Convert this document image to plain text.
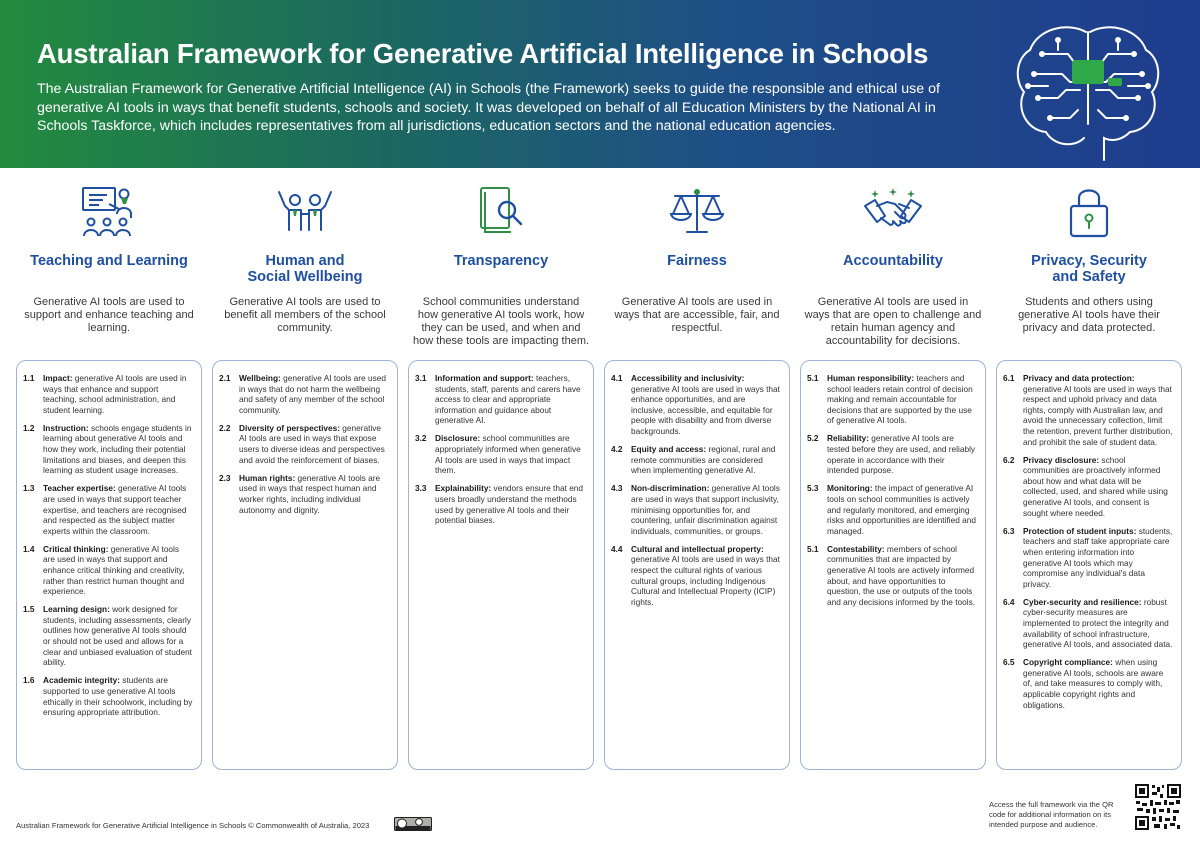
Australian Framework for Generative Artificial Intelligence in Schools

The Australian Framework for Generative Artificial Intelligence (AI) in Schools (the Framework) seeks to guide the responsible and ethical use of generative AI tools in ways that benefit students, schools and society. It was developed on behalf of all Education Ministers by the National AI in Schools Taskforce, which includes representatives from all jurisdictions, education sectors and the national education agencies.

Teaching and Learning
Generative AI tools are used to support and enhance teaching and learning.
Human and
Social Wellbeing
Generative AI tools are used to benefit all members of the school community.
Transparency
School communities understand how generative AI tools work, how they can be used, and when and how these tools are impacting them.
Fairness
Generative AI tools are used in ways that are accessible, fair, and respectful.
Accountability
Generative AI tools are used in ways that are open to challenge and retain human agency and accountability for decisions.
Privacy, Security
and Safety
Students and others using generative AI tools have their privacy and data protected.
1.1	Impact: generative AI tools are used in ways that enhance and support teaching, school administration, and student learning.
1.2	Instruction: schools engage students in learning about generative AI tools and how they work, including their potential limitations and biases, and deepen this learning as student usage increases.
1.3	Teacher expertise: generative AI tools are used in ways that support teacher expertise, and teachers are recognised and respected as the subject matter experts within the classroom.
1.4	Critical thinking: generative AI tools are used in ways that support and enhance critical thinking and creativity, rather than restrict human thought and experience.
1.5	Learning design: work designed for students, including assessments, clearly outlines how generative AI tools should or should not be used and allows for a clear and unbiased evaluation of student ability.
1.6	Academic integrity: students are supported to use generative AI tools ethically in their schoolwork, including by ensuring appropriate attribution.
2.1	Wellbeing: generative AI tools are used in ways that do not harm the wellbeing and safety of any member of the school community.
2.2	Diversity of perspectives: generative AI tools are used in ways that expose users to diverse ideas and perspectives and avoid the reinforcement of biases.
2.3	Human rights: generative AI tools are used in ways that respect human and worker rights, including individual autonomy and dignity.
3.1	Information and support: teachers, students, staff, parents and carers have access to clear and appropriate information and guidance about generative AI.
3.2	Disclosure: school communities are appropriately informed when generative AI tools are used in ways that impact them.
3.3	Explainability: vendors ensure that end users broadly understand the methods used by generative AI tools and their potential biases.
4.1	Accessibility and inclusivity: generative AI tools are used in ways that enhance opportunities, and are inclusive, accessible, and equitable for people with disability and from diverse backgrounds.
4.2	Equity and access: regional, rural and remote communities are considered when implementing generative AI.
4.3	Non-discrimination: generative AI tools are used in ways that support inclusivity, minimising opportunities for, and countering, unfair discrimination against individuals, communities, or groups.
4.4	Cultural and intellectual property: generative AI tools are used in ways that respect the cultural rights of various cultural groups, including Indigenous Cultural and Intellectual Property (ICIP) rights.
5.1	Human responsibility: teachers and school leaders retain control of decision making and remain accountable for decisions that are supported by the use of generative AI tools.
5.2	Reliability: generative AI tools are tested before they are used, and reliably operate in accordance with their intended purpose.
5.3	Monitoring: the impact of generative AI tools on school communities is actively and regularly monitored, and emerging risks and opportunities are identified and managed.
5.1	Contestability: members of school communities that are impacted by generative AI tools are actively informed about, and have opportunities to question, the use or outputs of the tools and any decisions informed by the tools.
6.1	Privacy and data protection: generative AI tools are used in ways that respect and uphold privacy and data rights, comply with Australian law, and avoid the unnecessary collection, limit the retention, prevent further distribution, and prohibit the sale of student data.
6.2	Privacy disclosure: school communities are proactively informed about how and what data will be collected, used, and shared while using generative AI tools, and consent is sought where needed.
6.3	Protection of student inputs: students, teachers and staff take appropriate care when entering information into generative AI tools which may compromise any individual's data privacy.
6.4	Cyber-security and resilience: robust cyber-security measures are implemented to protect the integrity and availability of school infrastructure, generative AI tools, and associated data.
6.5	Copyright compliance: when using generative AI tools, schools are aware of, and take measures to comply with, applicable copyright rights and obligations.
Australian Framework for Generative Artificial Intelligence in Schools © Commonwealth of Australia, 2023
Access the full framework via the QR code for additional information on its intended purpose and audience.
